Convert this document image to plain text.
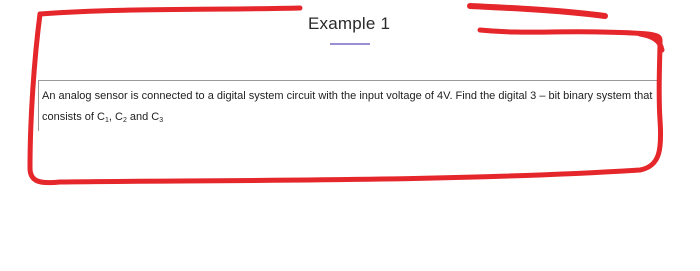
Example 1
An analog sensor is connected to a digital system circuit with the input voltage of 4V. Find the digital 3 – bit binary system that consists of $C_1$, $C_2$ and $C_3$
